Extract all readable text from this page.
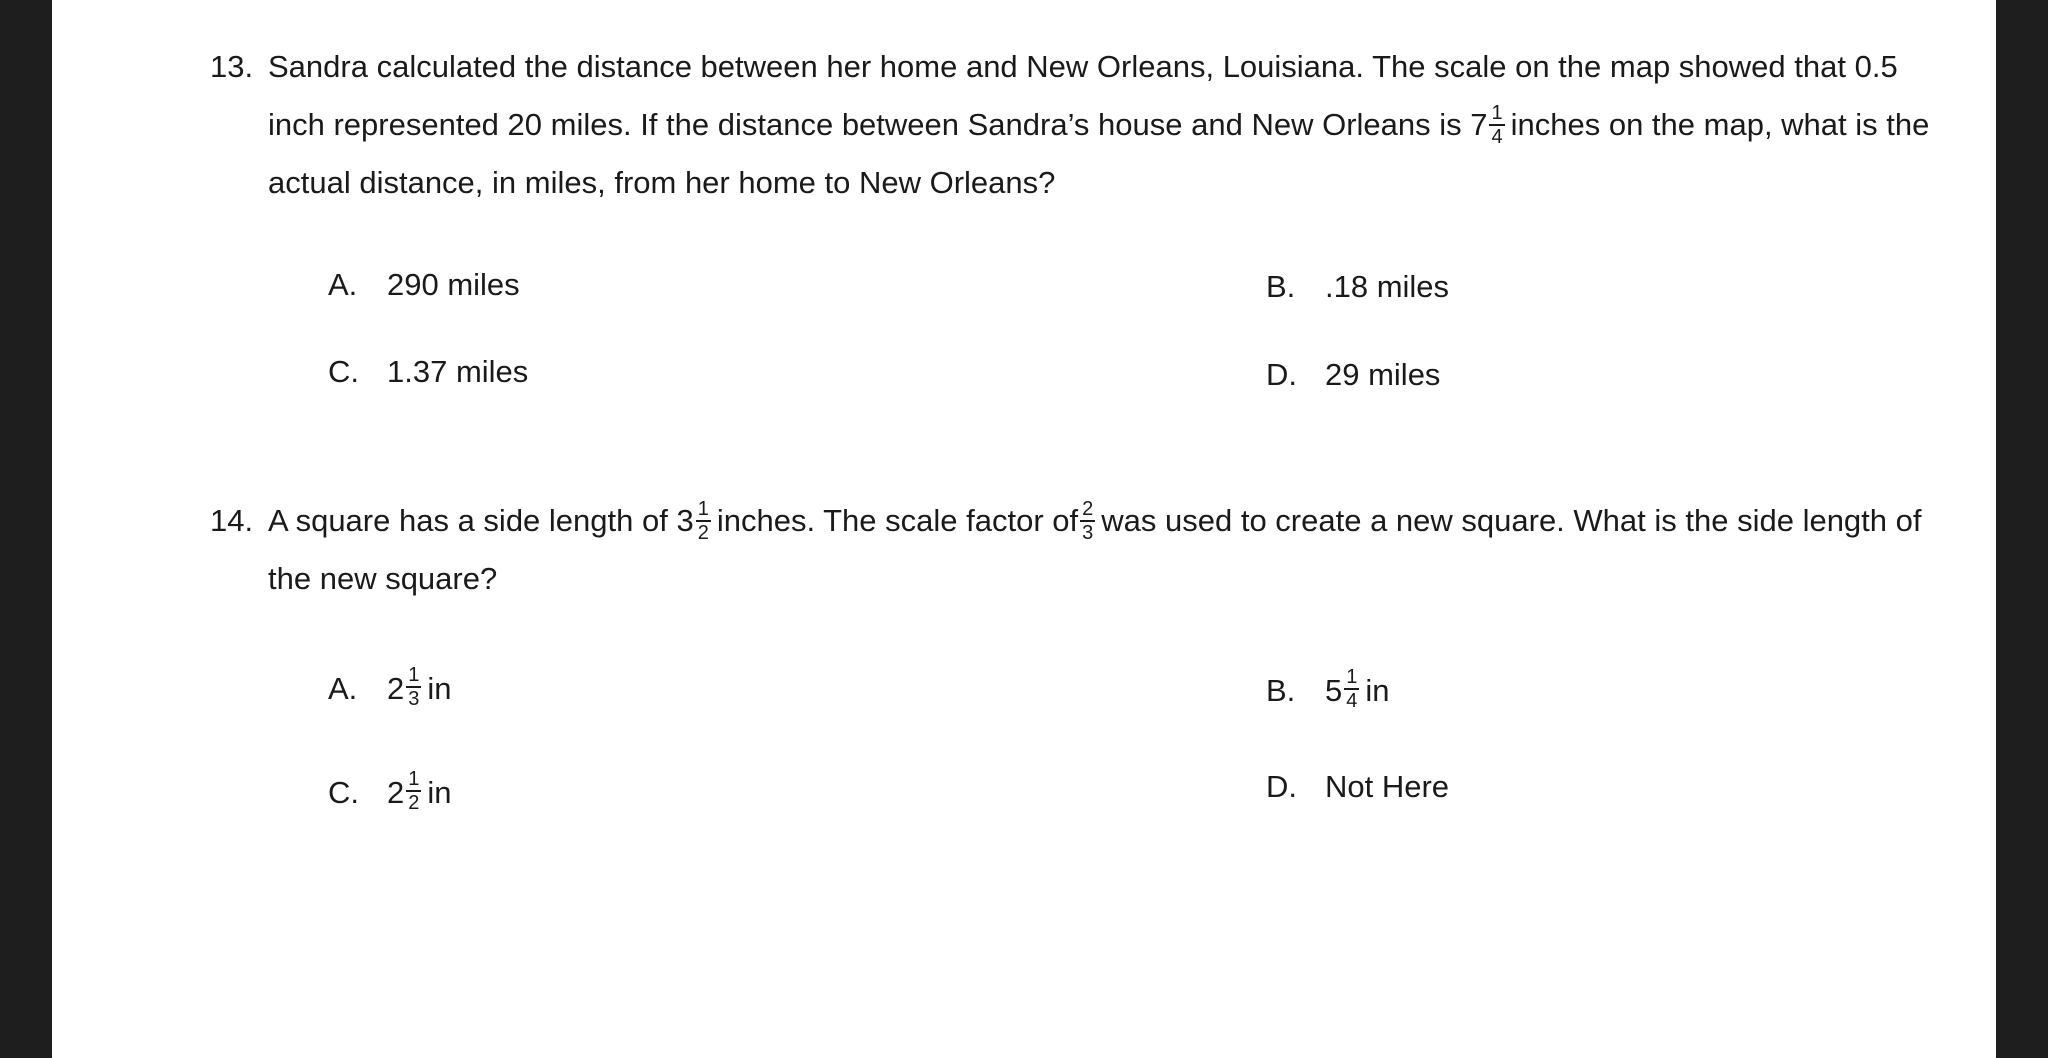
13. Sandra calculated the distance between her home and New Orleans, Louisiana. The scale on the map showed that 0.5 inch represented 20 miles. If the distance between Sandra’s house and New Orleans is $7 \frac{1}{4}$ inches on the map, what is the actual distance, in miles, from her home to New Orleans?
A. 290 miles	B. .18 miles
C. 1.37 miles	D. 29 miles
14. A square has a side length of $3 \frac{1}{2}$ inches. The scale factor of $\frac{2}{3}$ was used to create a new square. What is the side length of the new square?
A. $2 \frac{1}{3}$ in	B. $5 \frac{1}{4}$ in
C. $2 \frac{1}{2}$ in	D. Not Here
